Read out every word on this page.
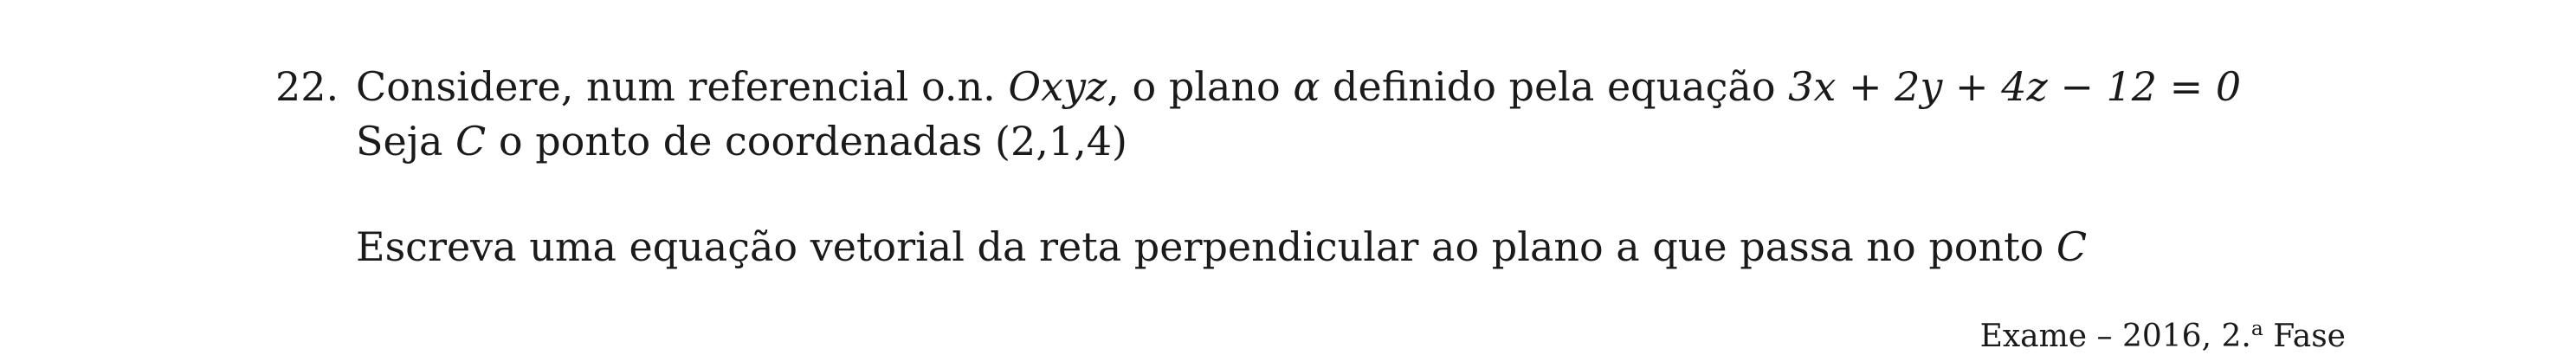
22. Considere, num referencial o.n. Oxyz, o plano α definido pela equação 3x + 2y + 4z − 12 = 0
Seja C o ponto de coordenadas (2,1,4)
Escreva uma equação vetorial da reta perpendicular ao plano a que passa no ponto C
Exame – 2016, 2.$^a$ Fase
